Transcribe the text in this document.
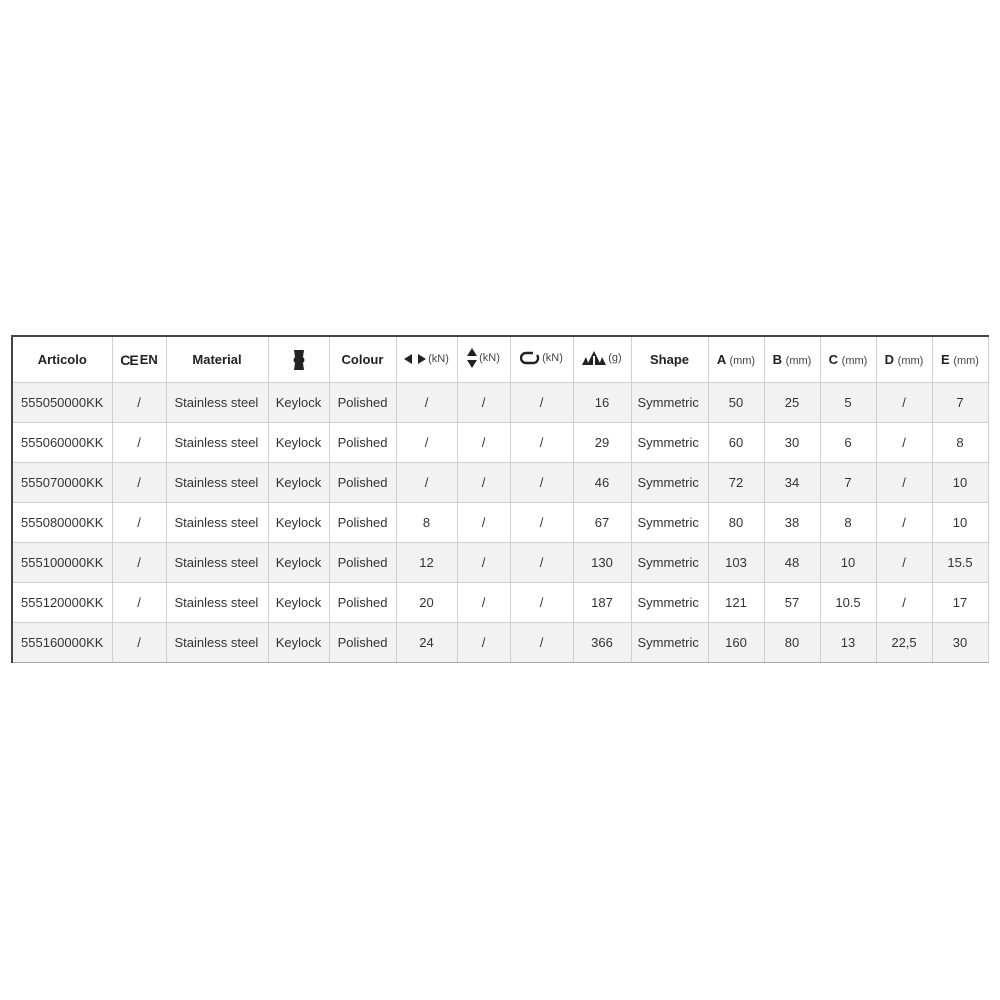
Articolo	CE EN	Material		Colour	(kN)	(kN)	(kN)	(g)	Shape	A (mm)	B (mm)	C (mm)	D (mm)	E (mm)
555050000KK	/	Stainless steel	Keylock	Polished	/	/	/	16	Symmetric	50	25	5	/	7
555060000KK	/	Stainless steel	Keylock	Polished	/	/	/	29	Symmetric	60	30	6	/	8
555070000KK	/	Stainless steel	Keylock	Polished	/	/	/	46	Symmetric	72	34	7	/	10
555080000KK	/	Stainless steel	Keylock	Polished	8	/	/	67	Symmetric	80	38	8	/	10
555100000KK	/	Stainless steel	Keylock	Polished	12	/	/	130	Symmetric	103	48	10	/	15.5
555120000KK	/	Stainless steel	Keylock	Polished	20	/	/	187	Symmetric	121	57	10.5	/	17
555160000KK	/	Stainless steel	Keylock	Polished	24	/	/	366	Symmetric	160	80	13	22,5	30
